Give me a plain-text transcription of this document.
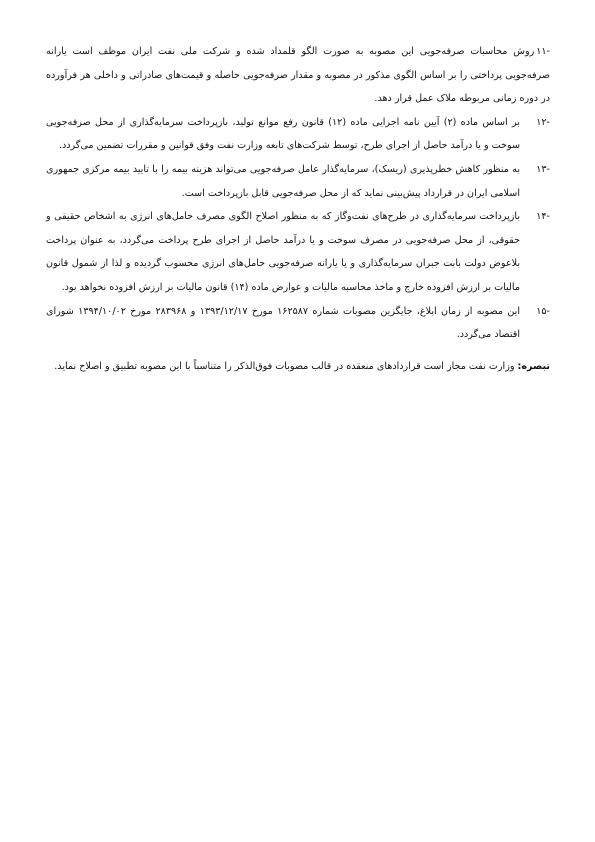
-۱۱روش محاسبات صرفه‌جویی این مصوبه به صورت الگو قلمداد شده و شرکت ملی نفت ایران موظف است یارانه صرفه‌جویی پرداختی را بر اساس الگوی مذکور در مصوبه و مقدار صرفه‌جویی حاصله و قیمت‌های صادراتی و داخلی هر فرآورده در دوره زمانی مربوطه ملاک عمل قرار دهد.

-۱۲
بر اساس ماده (۲) آیین نامه اجرایی ماده (۱۲) قانون رفع موانع تولید، بازپرداخت سرمایه‌گذاری از محل صرفه‌جویی سوخت و یا درآمد حاصل از اجرای طرح، توسط شرکت‌های تابعه وزارت نفت وفق قوانین و مقررات تضمین می‌گردد.

-۱۳
به منظور کاهش خطرپذیری (ریسک)، سرمایه‌گذار عامل صرفه‌جویی می‌تواند هزینه بیمه را با تایید بیمه مرکزی جمهوری اسلامی ایران در قرارداد پیش‌بینی نماید که از محل صرفه‌جویی قابل بازپرداخت است.

-۱۴
بازپرداخت سرمایه‌گذاری در طرح‌های نفت‌وگاز که به منظور اصلاح الگوی مصرف حامل‌های انرژی به اشخاص حقیقی و حقوقی، از محل صرفه‌جویی در مصرف سوخت و یا درآمد حاصل از اجرای طرح پرداخت می‌گردد، به عنوان پرداخت بلاعوض دولت بابت جبران سرمایه‌گذاری و یا یارانه صرفه‌جویی حامل‌های انرژی محسوب گردیده و لذا از شمول قانون مالیات بر ارزش افزوده خارج و ماخذ محاسبه مالیات و عوارض ماده (۱۴) قانون مالیات بر ارزش افزوده نخواهد بود.

-۱۵
این مصوبه از زمان ابلاغ، جایگزین مصوبات شماره ۱۶۲۵۸۷ مورخ ۱۳۹۳/۱۲/۱۷ و ۲۸۳۹۶۸ مورخ ۱۳۹۴/۱۰/۰۲ شورای اقتصاد می‌گردد.

تبصره: وزارت نفت مجاز است قراردادهای منعقده در قالب مصوبات فوق‌الذکر را متناسباً با این مصوبه تطبیق و اصلاح نماید.
